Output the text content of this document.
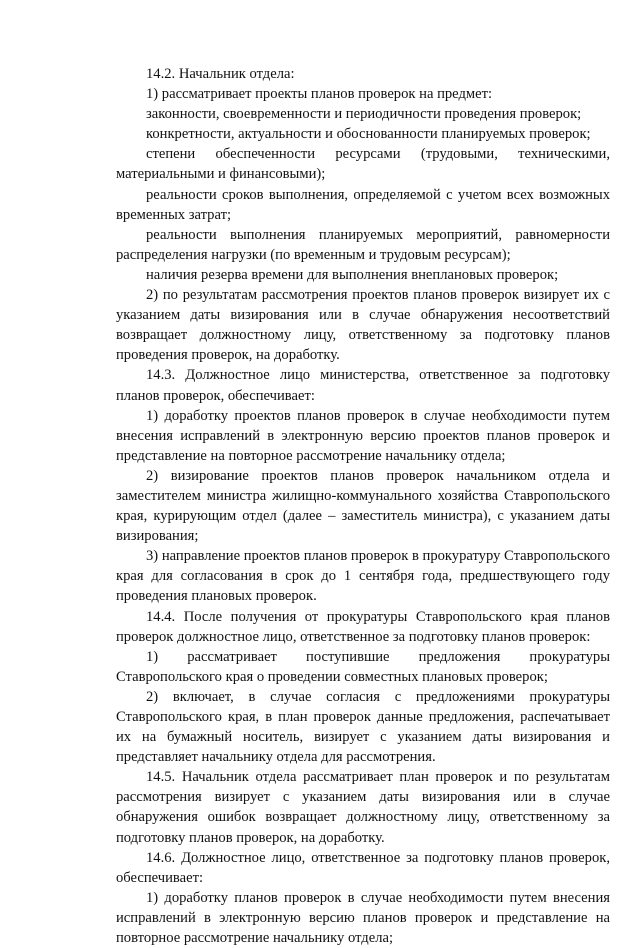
14.2. Начальник отдела:

1) рассматривает проекты планов проверок на предмет:

законности, своевременности и периодичности проведения проверок;

конкретности, актуальности и обоснованности планируемых проверок;

степени обеспеченности ресурсами (трудовыми, техническими, материальными и финансовыми);

реальности сроков выполнения, определяемой с учетом всех возможных временных затрат;

реальности выполнения планируемых мероприятий, равномерности распределения нагрузки (по временным и трудовым ресурсам);

наличия резерва времени для выполнения внеплановых проверок;

2) по результатам рассмотрения проектов планов проверок визирует их с указанием даты визирования или в случае обнаружения несоответствий возвращает должностному лицу, ответственному за подготовку планов проведения проверок, на доработку.

14.3. Должностное лицо министерства, ответственное за подготовку планов проверок, обеспечивает:

1) доработку проектов планов проверок в случае необходимости путем внесения исправлений в электронную версию проектов планов проверок и представление на повторное рассмотрение начальнику отдела;

2) визирование проектов планов проверок начальником отдела и заместителем министра жилищно-коммунального хозяйства Ставропольского края, курирующим отдел (далее – заместитель министра), с указанием даты визирования;

3) направление проектов планов проверок в прокуратуру Ставропольского края для согласования в срок до 1 сентября года, предшествующего году проведения плановых проверок.

14.4. После получения от прокуратуры Ставропольского края планов проверок должностное лицо, ответственное за подготовку планов проверок:

1) рассматривает поступившие предложения прокуратуры Ставропольского края о проведении совместных плановых проверок;

2) включает, в случае согласия с предложениями прокуратуры Ставропольского края, в план проверок данные предложения, распечатывает их на бумажный носитель, визирует с указанием даты визирования и представляет начальнику отдела для рассмотрения.

14.5. Начальник отдела рассматривает план проверок и по результатам рассмотрения визирует с указанием даты визирования или в случае обнаружения ошибок возвращает должностному лицу, ответственному за подготовку планов проверок, на доработку.

14.6. Должностное лицо, ответственное за подготовку планов проверок, обеспечивает:

1) доработку планов проверок в случае необходимости путем внесения исправлений в электронную версию планов проверок и представление на повторное рассмотрение начальнику отдела;
